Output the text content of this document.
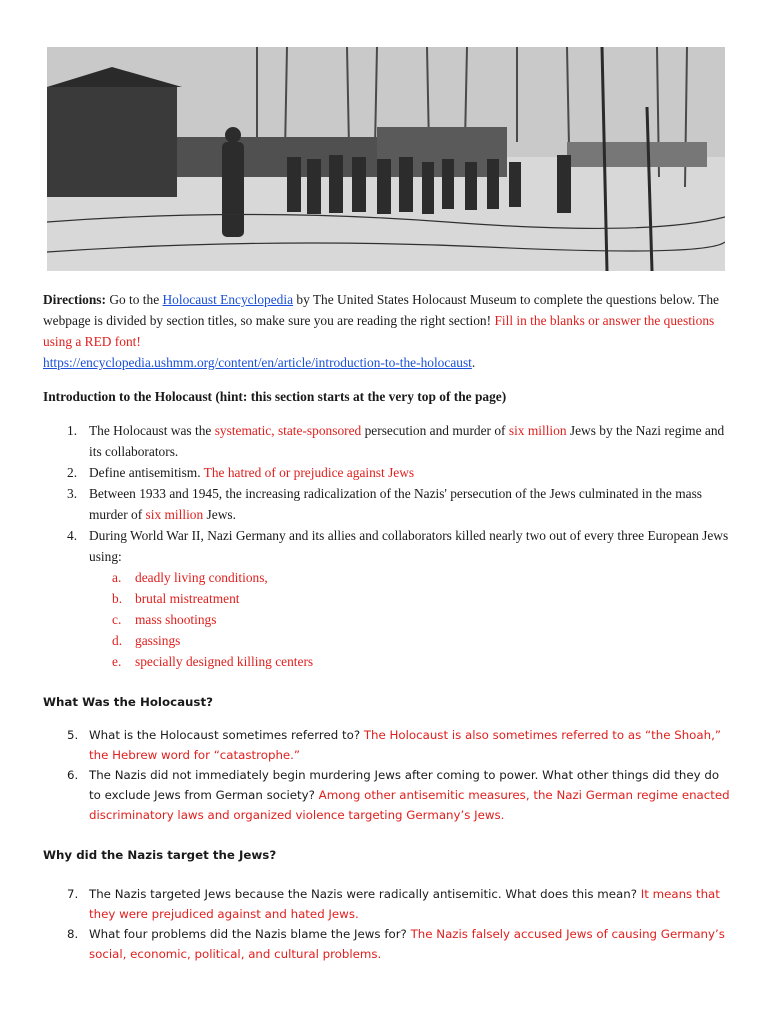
Directions: Go to the Holocaust Encyclopedia by The United States Holocaust Museum to complete the questions below. The webpage is divided by section titles, so make sure you are reading the right section! Fill in the blanks or answer the questions using a RED font!
https://encyclopedia.ushmm.org/content/en/article/introduction-to-the-holocaust.
Introduction to the Holocaust (hint: this section starts at the very top of the page)
1. The Holocaust was the systematic, state-sponsored persecution and murder of six million Jews by the Nazi regime and its collaborators.
2. Define antisemitism. The hatred of or prejudice against Jews
3. Between 1933 and 1945, the increasing radicalization of the Nazis' persecution of the Jews culminated in the mass murder of six million Jews.
4. During World War II, Nazi Germany and its allies and collaborators killed nearly two out of every three European Jews using:
a. deadly living conditions,
b. brutal mistreatment
c. mass shootings
d. gassings
e. specially designed killing centers
What Was the Holocaust?
5. What is the Holocaust sometimes referred to? The Holocaust is also sometimes referred to as “the Shoah,” the Hebrew word for “catastrophe.”
6. The Nazis did not immediately begin murdering Jews after coming to power. What other things did they do to exclude Jews from German society? Among other antisemitic measures, the Nazi German regime enacted discriminatory laws and organized violence targeting Germany’s Jews.
Why did the Nazis target the Jews?
7. The Nazis targeted Jews because the Nazis were radically antisemitic. What does this mean? It means that they were prejudiced against and hated Jews.
8. What four problems did the Nazis blame the Jews for? The Nazis falsely accused Jews of causing Germany’s social, economic, political, and cultural problems.
